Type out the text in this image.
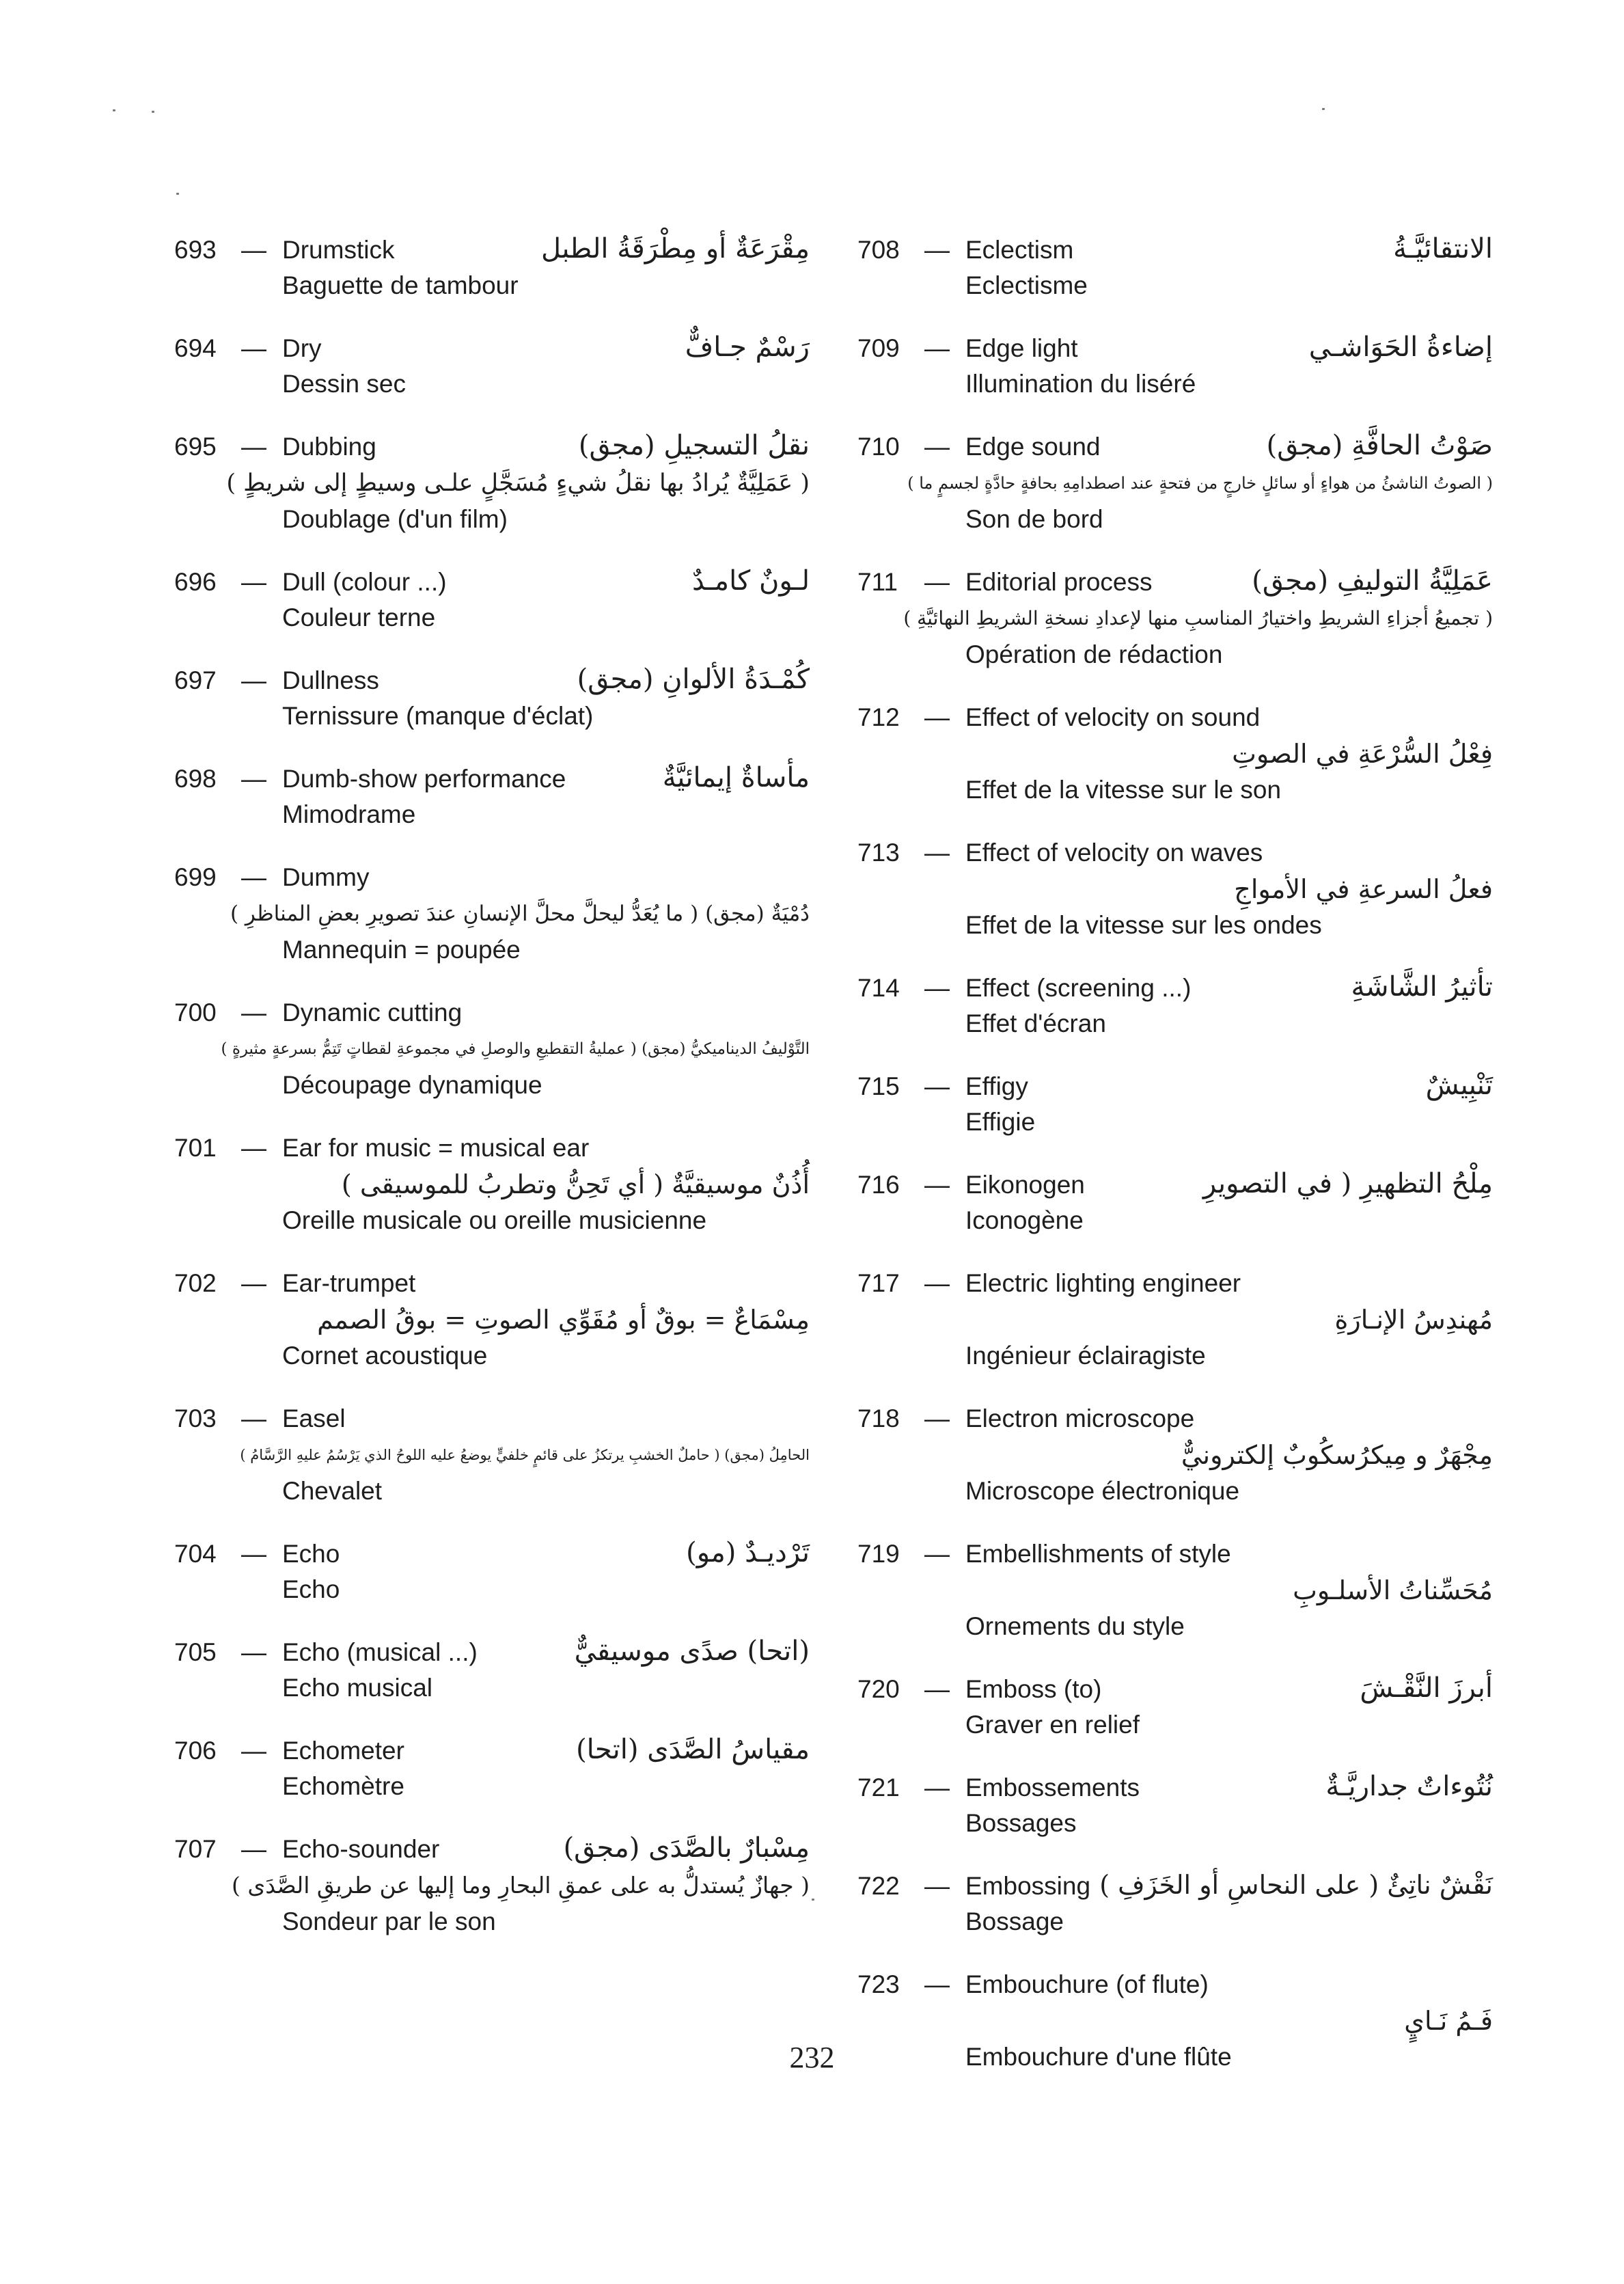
693 — Drumstick	مِقْرَعَةٌ أو مِطْرَقَةُ الطبل
Baguette de tambour
694 — Dry	رَسْمٌ جـافٌّ
Dessin sec
695 — Dubbing	نقلُ التسجيلِ (مجق)
( عَمَلِيَّةٌ يُرادُ بها نقلُ شيءٍ مُسَجَّلٍ علـى وسيطٍ إلى شريطٍ )
Doublage (d'un film)
696 — Dull (colour ...)	لـونٌ كامـدٌ
Couleur terne
697 — Dullness	كُمْـدَةُ الألوانِ (مجق)
Ternissure (manque d'éclat)
698 — Dumb-show performance	مأساةٌ إيمائيَّةٌ
Mimodrame
699 — Dummy
دُمْيَةٌ (مجق) ( ما يُعَدُّ ليحلَّ محلَّ الإنسانِ عندَ تصويرِ بعضِ المناظرِ )
Mannequin = poupée
700 — Dynamic cutting
التَّوْليفُ الديناميكيُّ (مجق) ( عمليةُ التقطيعِ والوصلِ في مجموعةِ لقطاتٍ تَتِمُّ بسرعةٍ مثيرةٍ )
Découpage dynamique
701 — Ear for music = musical ear
أُذُنٌ موسيقيَّةٌ ( أي تَحِنُّ وتطربُ للموسيقى )
Oreille musicale ou oreille musicienne
702 — Ear-trumpet
مِسْمَاعٌ = بوقٌ أو مُقَوِّي الصوتِ = بوقُ الصمم
Cornet acoustique
703 — Easel
الحامِلُ (مجق) ( حاملٌ الخشبِ يرتكزُ على قائمٍ خلفيٍّ يوضعُ عليه اللوحُ الذي يَرْسُمُ عليهِ الرَّسَّامُ )
Chevalet
704 — Echo	تَرْديـدٌ (مو)
Echo
705 — Echo (musical ...)	(اتحا) صدًى موسيقيٌّ
Echo musical
706 — Echometer	مقياسُ الصَّدَى (اتحا)
Echomètre
707 — Echo-sounder	مِسْبارٌ بالصَّدَى (مجق)
( جهازٌ يُستدلُّ به على عمقِ البحارِ وما إليها عن طريقِ الصَّدَى )
Sondeur par le son
708 — Eclectism	الانتقائيَّـةُ
Eclectisme
709 — Edge light	إضاءةُ الحَوَاشـي
Illumination du liséré
710 — Edge sound	صَوْتُ الحافَّةِ (مجق)
( الصوتُ الناشئُ من هواءٍ أو سائلٍ خارجٍ من فتحةٍ عند اصطدامِهِ بحافةٍ حادَّةٍ لجسمٍ ما )
Son de bord
711	— Editorial process	عَمَلِيَّةُ التوليفِ (مجق)
( تجميعُ أجزاءِ الشريطِ واختيارُ المناسبِ منها لإعدادِ نسخةِ الشريطِ النهائيَّةِ )
Opération de rédaction
712 — Effect of velocity on sound
فِعْلُ السُّرْعَةِ في الصوتِ
Effet de la vitesse sur le son
713 — Effect of velocity on waves
فعلُ السرعةِ في الأمواجِ
Effet de la vitesse sur les ondes
714 — Effect (screening ...)	تأثيرُ الشَّاشَةِ
Effet d'écran
715 — Effigy	تَنْبِيشٌ
Effigie
716 — Eikonogen	مِلْحُ التظهيرِ ( في التصويرِ
Iconogène
717 — Electric lighting engineer
مُهندِسُ الإنـارَةِ
Ingénieur éclairagiste
718 — Electron microscope
مِجْهَرٌ و مِيكرُسكُوبٌ إلكترونيٌّ
Microscope électronique
719 — Embellishments of style
مُحَسِّناتُ الأسلـوبِ
Ornements du style
720 — Emboss (to)	أبرزَ النَّقْـشَ
Graver en relief
721 — Embossements	نُتُوءاتٌ جداريَّـةٌ
Bossages
722 — Embossing نَقْشٌ ناتِئٌ ( على النحاسِ أو الخَزَفِ )
Bossage
723 — Embouchure (of flute)
فَـمُ نَـايٍ
Embouchure d'une flûte
232
